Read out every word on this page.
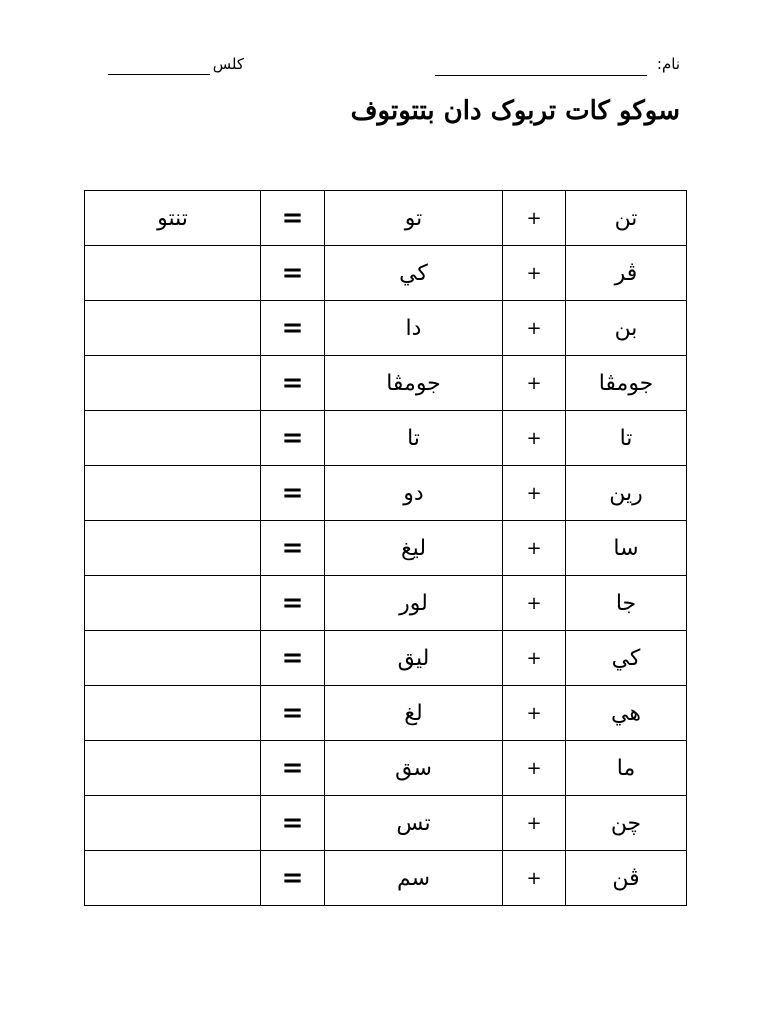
نام:
كلس
سوكو كات تربوک دان بتتوتوف
تنتو	=	تو	+	تن
	=	كي	+	ڤر
	=	دا	+	بن
	=	جومڤا	+	جومڤا
	=	تا	+	تا
	=	دو	+	رين
	=	ليغ	+	سا
	=	لور	+	جا
	=	ليق	+	كي
	=	لغ	+	هي
	=	سق	+	ما
	=	تس	+	چن
	=	سم	+	ڤن
